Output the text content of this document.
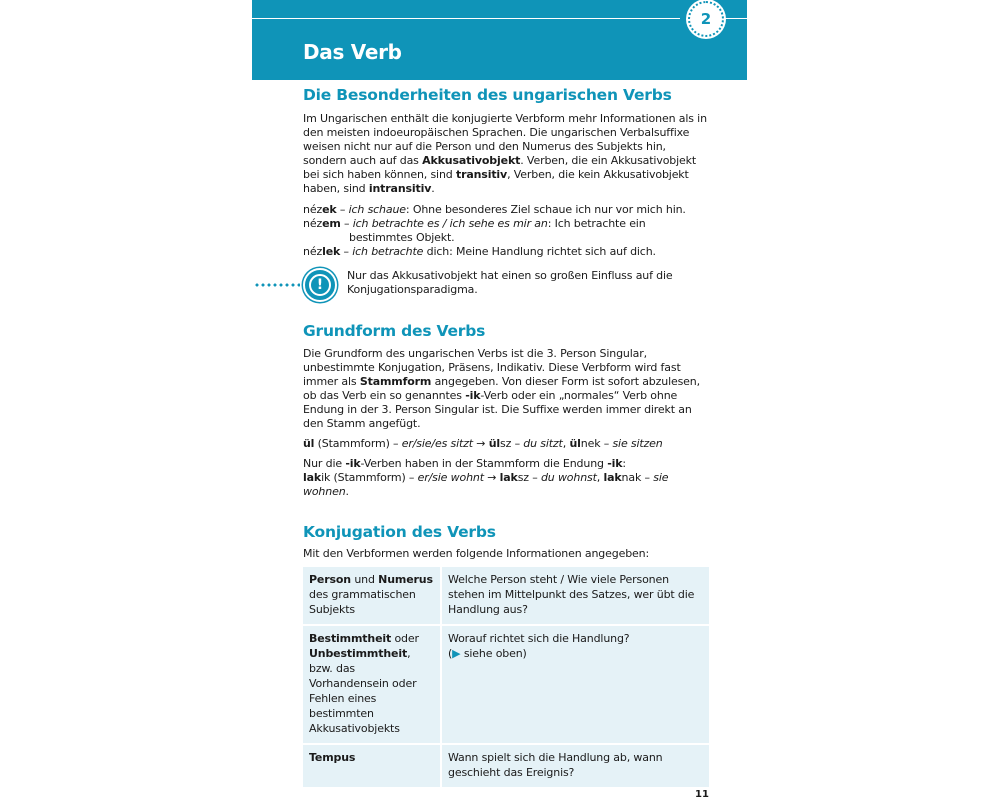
2
Das Verb
Die Besonderheiten des ungarischen Verbs

Im Ungarischen enthält die konjugierte Verbform mehr Informationen als in den meisten indoeuropäischen Sprachen. Die ungarischen Verbalsuffixe weisen nicht nur auf die Person und den Numerus des Subjekts hin, sondern auch auf das Akkusativobjekt. Verben, die ein Akkusativobjekt bei sich haben können, sind transitiv, Verben, die kein Akkusativobjekt haben, sind intransitiv.

nézek – ich schaue: Ohne besonderes Ziel schaue ich nur vor mich hin.
nézem – ich betrachte es / ich sehe es mir an: Ich betrachte ein
bestimmtes Objekt.
nézlek – ich betrachte dich: Meine Handlung richtet sich auf dich.
!

Nur das Akkusativobjekt hat einen so großen Einfluss auf die
Konjugationsparadigma.

Grundform des Verbs

Die Grundform des ungarischen Verbs ist die 3. Person Singular, unbestimmte Konjugation, Präsens, Indikativ. Diese Verbform wird fast immer als Stammform angegeben. Von dieser Form ist sofort abzulesen, ob das Verb ein so genanntes -ik-Verb oder ein „normales“ Verb ohne Endung in der 3. Person Singular ist. Die Suffixe werden immer direkt an den Stamm angefügt.

ül (Stammform) – er/sie/es sitzt → ülsz – du sitzt, ülnek – sie sitzen

Nur die -ik-Verben haben in der Stammform die Endung -ik:
lakik (Stammform) – er/sie wohnt → laksz – du wohnst, laknak – sie wohnen.

Konjugation des Verbs

Mit den Verbformen werden folgende Informationen angegeben:

Person und Numerus des grammatischen Subjekts	Welche Person steht / Wie viele Personen stehen im Mittelpunkt des Satzes, wer übt die Handlung aus?
Bestimmtheit oder Unbestimmtheit, bzw. das Vorhandensein oder Fehlen eines bestimmten Akkusativobjekts	Worauf richtet sich die Handlung?
(▶ siehe oben)
Tempus	Wann spielt sich die Handlung ab, wann geschieht das Ereignis?
11
